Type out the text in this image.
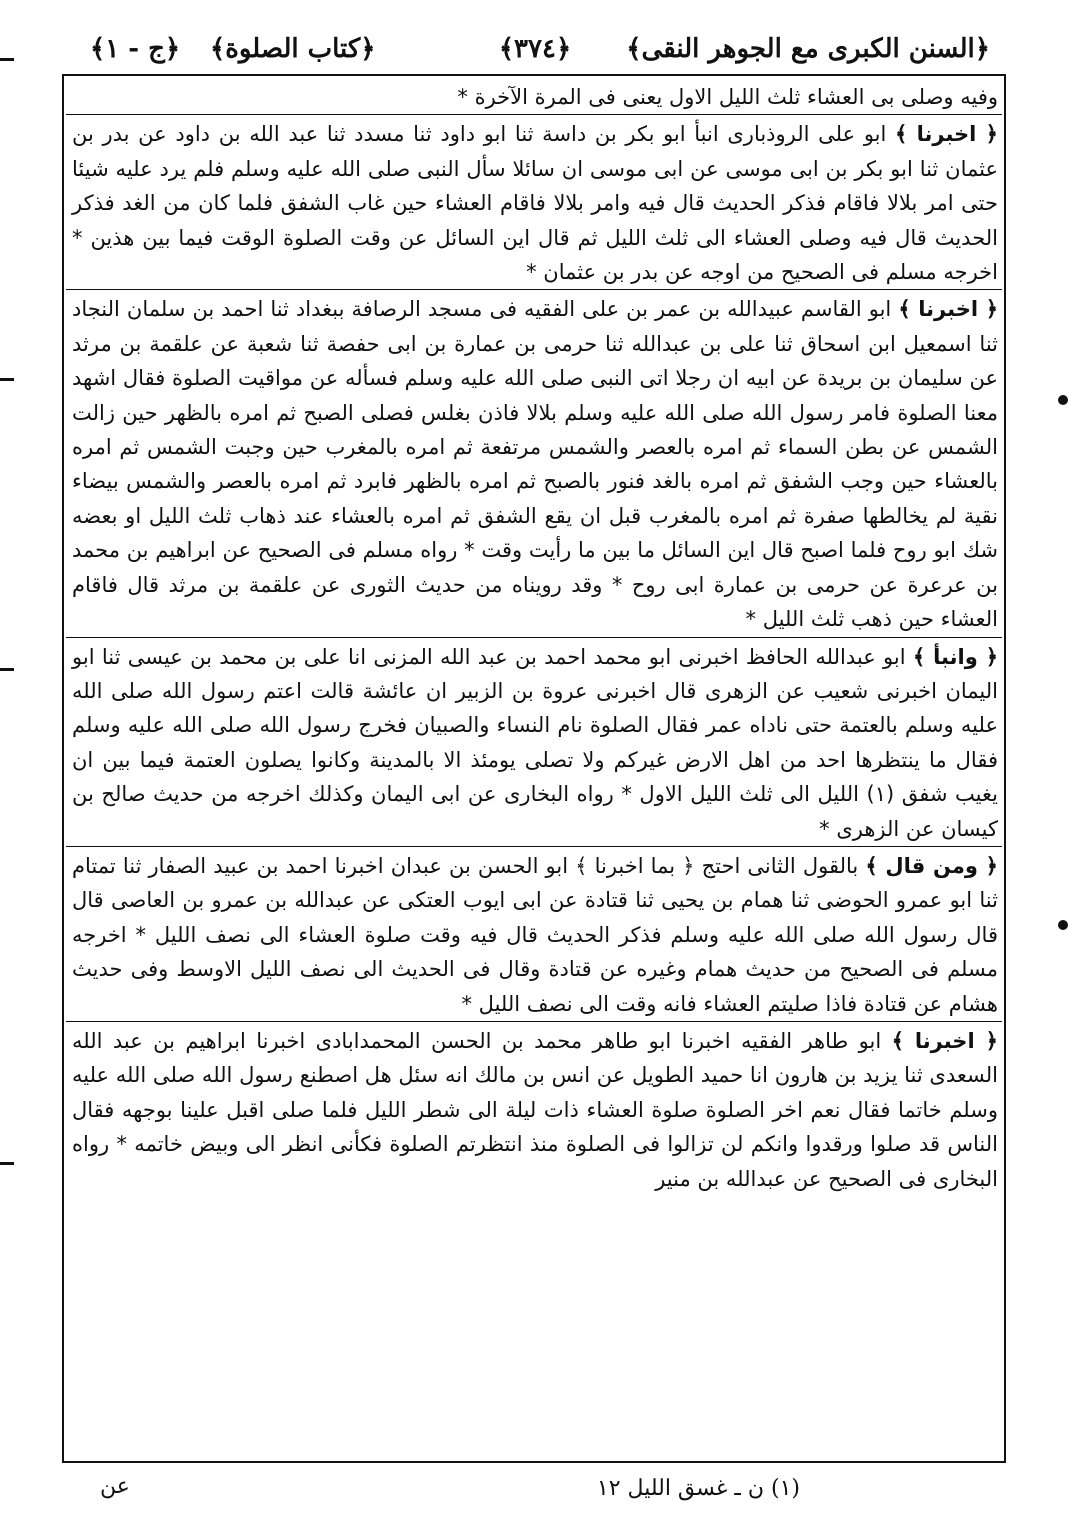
﴿السنن الكبرى مع الجوهر النقى﴾
﴿٣٧٤﴾
﴿كتاب الصلوة﴾
﴿ج - ١﴾

وفيه وصلى بى العشاء ثلث الليل الاول يعنى فى المرة الآخرة *

﴿ اخبرنا ﴾ ابو على الروذبارى انبأ ابو بكر بن داسة ثنا ابو داود ثنا مسدد ثنا عبد الله بن داود عن بدر بن عثمان ثنا ابو بكر بن ابى موسى عن ابى موسى ان سائلا سأل النبى صلى الله عليه وسلم فلم يرد عليه شيئا حتى امر بلالا فاقام فذكر الحديث قال فيه وامر بلالا فاقام العشاء حين غاب الشفق فلما كان من الغد فذكر الحديث قال فيه وصلى العشاء الى ثلث الليل ثم قال اين السائل عن وقت الصلوة الوقت فيما بين هذين * اخرجه مسلم فى الصحيح من اوجه عن بدر بن عثمان *

﴿ اخبرنا ﴾ ابو القاسم عبيدالله بن عمر بن على الفقيه فى مسجد الرصافة ببغداد ثنا احمد بن سلمان النجاد ثنا اسمعيل ابن اسحاق ثنا على بن عبدالله ثنا حرمى بن عمارة بن ابى حفصة ثنا شعبة عن علقمة بن مرثد عن سليمان بن بريدة عن ابيه ان رجلا اتى النبى صلى الله عليه وسلم فسأله عن مواقيت الصلوة فقال اشهد معنا الصلوة فامر رسول الله صلى الله عليه وسلم بلالا فاذن بغلس فصلى الصبح ثم امره بالظهر حين زالت الشمس عن بطن السماء ثم امره بالعصر والشمس مرتفعة ثم امره بالمغرب حين وجبت الشمس ثم امره بالعشاء حين وجب الشفق ثم امره بالغد فنور بالصبح ثم امره بالظهر فابرد ثم امره بالعصر والشمس بيضاء نقية لم يخالطها صفرة ثم امره بالمغرب قبل ان يقع الشفق ثم امره بالعشاء عند ذهاب ثلث الليل او بعضه شك ابو روح فلما اصبح قال اين السائل ما بين ما رأيت وقت * رواه مسلم فى الصحيح عن ابراهيم بن محمد بن عرعرة عن حرمى بن عمارة ابى روح * وقد رويناه من حديث الثورى عن علقمة بن مرثد قال فاقام العشاء حين ذهب ثلث الليل *

﴿ وانبأ ﴾ ابو عبدالله الحافظ اخبرنى ابو محمد احمد بن عبد الله المزنى انا على بن محمد بن عيسى ثنا ابو اليمان اخبرنى شعيب عن الزهرى قال اخبرنى عروة بن الزبير ان عائشة قالت اعتم رسول الله صلى الله عليه وسلم بالعتمة حتى ناداه عمر فقال الصلوة نام النساء والصبيان فخرج رسول الله صلى الله عليه وسلم فقال ما ينتظرها احد من اهل الارض غيركم ولا تصلى يومئذ الا بالمدينة وكانوا يصلون العتمة فيما بين ان يغيب شفق (١) الليل الى ثلث الليل الاول * رواه البخارى عن ابى اليمان وكذلك اخرجه من حديث صالح بن كيسان عن الزهرى *

﴿ ومن قال ﴾ بالقول الثانى احتج ﴿ بما اخبرنا ﴾ ابو الحسن بن عبدان اخبرنا احمد بن عبيد الصفار ثنا تمتام ثنا ابو عمرو الحوضى ثنا همام بن يحيى ثنا قتادة عن ابى ايوب العتكى عن عبدالله بن عمرو بن العاصى قال قال رسول الله صلى الله عليه وسلم فذكر الحديث قال فيه وقت صلوة العشاء الى نصف الليل * اخرجه مسلم فى الصحيح من حديث همام وغيره عن قتادة وقال فى الحديث الى نصف الليل الاوسط وفى حديث هشام عن قتادة فاذا صليتم العشاء فانه وقت الى نصف الليل *

﴿ اخبرنا ﴾ ابو طاهر الفقيه اخبرنا ابو طاهر محمد بن الحسن المحمدابادى اخبرنا ابراهيم بن عبد الله السعدى ثنا يزيد بن هارون انا حميد الطويل عن انس بن مالك انه سئل هل اصطنع رسول الله صلى الله عليه وسلم خاتما فقال نعم اخر الصلوة صلوة العشاء ذات ليلة الى شطر الليل فلما صلى اقبل علينا بوجهه فقال الناس قد صلوا ورقدوا وانكم لن تزالوا فى الصلوة منذ انتظرتم الصلوة فكأنى انظر الى وبيض خاتمه * رواه البخارى فى الصحيح عن عبدالله بن منير

(١) ن ـ غسق الليل ١٢
عن
